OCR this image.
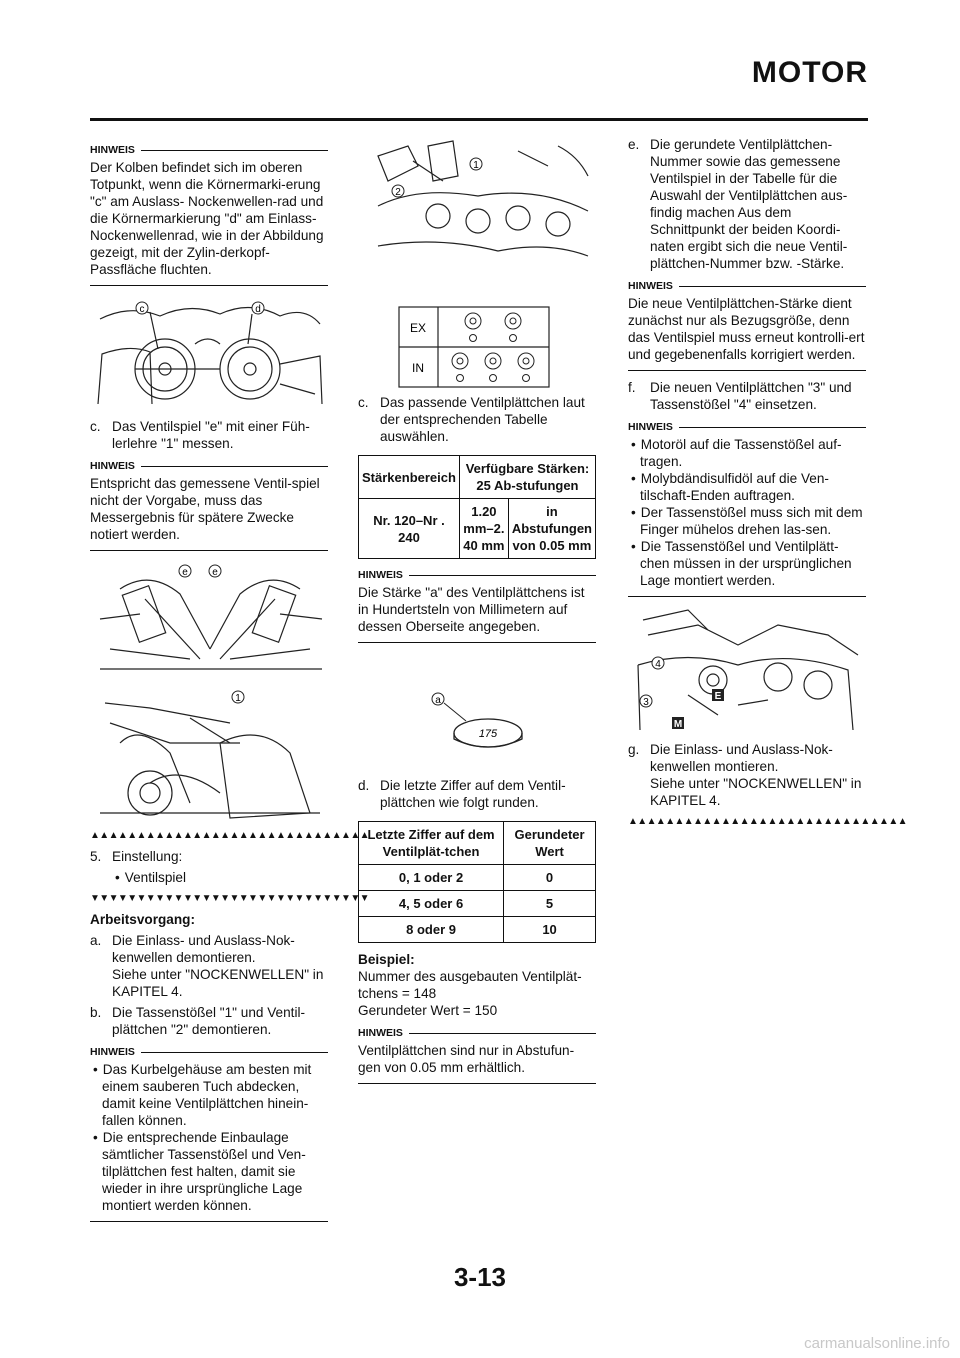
MOTOR
HINWEIS

Der Kolben befindet sich im oberen Totpunkt, wenn die Körnermarki-erung "c" am Auslass- Nockenwellen-rad und die Körnermarkierung "d" am Einlass- Nockenwellenrad, wie in der Abbildung gezeigt, mit der Zylin-derkopf- Passfläche fluchten.

c	d
c. Das Ventilspiel "e" mit einer Füh-lerlehre "1" messen.
HINWEIS

Entspricht das gemessene Ventil-spiel nicht der Vorgabe, muss das Messergebnis für spätere Zwecke notiert werden.

e e
1
▲▲▲▲▲▲▲▲▲▲▲▲▲▲▲▲▲▲▲▲▲▲▲▲▲▲▲▲▲▲
5. Einstellung:
• Ventilspiel
▼▼▼▼▼▼▼▼▼▼▼▼▼▼▼▼▼▼▼▼▼▼▼▼▼▼▼▼▼▼
Arbeitsvorgang:
a. Die Einlass- und Auslass-Nok-kenwellen demontieren.
Siehe unter "NOCKENWELLEN" in KAPITEL 4.
b. Die Tassenstößel "1" und Ventil-plättchen "2" demontieren.
HINWEIS
• Das Kurbelgehäuse am besten mit einem sauberen Tuch abdecken, damit keine Ventilplättchen hinein-fallen können.
• Die entsprechende Einbaulage sämtlicher Tassenstößel und Ven-tilplättchen fest halten, damit sie wieder in ihre ursprüngliche Lage montiert werden können.
1
2
EX
IN
c. Das passende Ventilplättchen laut der entsprechenden Tabelle auswählen.
Stärkenbereich	Verfügbare Stärken: 25 Ab-stufungen	
Nr. 120–Nr . 240	1.20 mm–2. 40 mm	in Abstufungen von 0.05 mm
HINWEIS

Die Stärke "a" des Ventilplättchens ist in Hundertsteln von Millimetern auf dessen Oberseite angegeben.

a
175
d. Die letzte Ziffer auf dem Ventil-plättchen wie folgt runden.
Letzte Ziffer auf dem Ventilplät-tchen	Gerundeter Wert
0, 1 oder 2	0
4, 5 oder 6	5
8 oder 9	10
Beispiel:
Nummer des ausgebauten Ventilplät-tchens = 148
Gerundeter Wert = 150
HINWEIS

Ventilplättchen sind nur in Abstufun-gen von 0.05 mm erhältlich.

e. Die gerundete Ventilplättchen-Nummer sowie das gemessene Ventilspiel in der Tabelle für die Auswahl der Ventilplättchen aus-findig machen Aus dem Schnittpunkt der beiden Koordi-naten ergibt sich die neue Ventil-plättchen-Nummer bzw. -Stärke.
HINWEIS

Die neue Ventilplättchen-Stärke dient zunächst nur als Bezugsgröße, denn das Ventilspiel muss erneut kontrolli-ert und gegebenenfalls korrigiert werden.

f.	Die neuen Ventilplättchen "3" und Tassenstößel "4" einsetzen.
HINWEIS
• Motoröl auf die Tassenstößel auf-tragen.
• Molybdändisulfidöl auf die Ven-tilschaft-Enden auftragen.
• Der Tassenstößel muss sich mit dem Finger mühelos drehen las-sen.
• Die Tassenstößel und Ventilplätt-chen müssen in der ursprünglichen Lage montiert werden.
4
3
E
M
g. Die Einlass- und Auslass-Nok-kenwellen montieren.
Siehe unter "NOCKENWELLEN" in KAPITEL 4.
▲▲▲▲▲▲▲▲▲▲▲▲▲▲▲▲▲▲▲▲▲▲▲▲▲▲▲▲▲▲
3-13
carmanualsonline.info
